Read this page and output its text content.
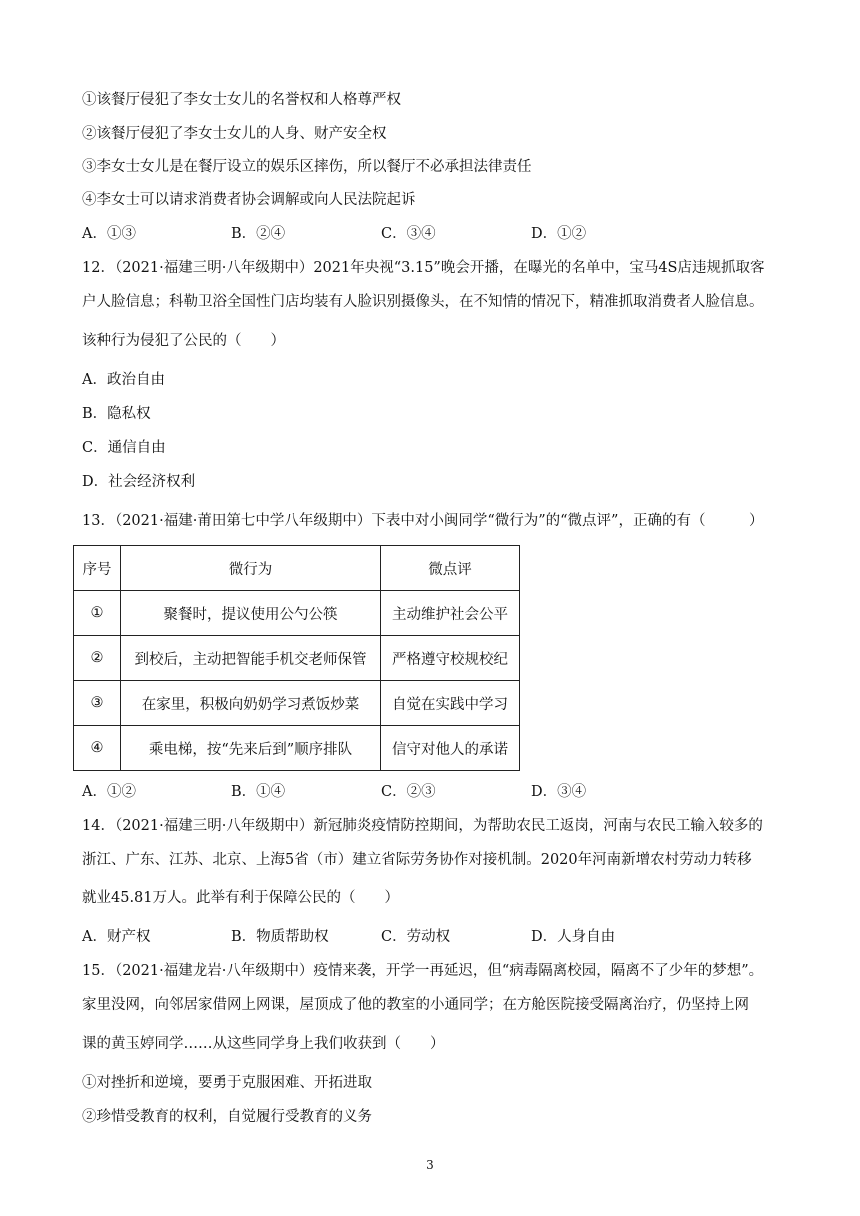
①该餐厅侵犯了李女士女儿的名誉权和人格尊严权
②该餐厅侵犯了李女士女儿的人身、财产安全权
③李女士女儿是在餐厅设立的娱乐区摔伤，所以餐厅不必承担法律责任
④李女士可以请求消费者协会调解或向人民法院起诉
A．①③	B．②④	C．③④	D．①②
12．（2021·福建三明·八年级期中）2021年央视“3.15”晚会开播，在曝光的名单中，宝马4S店违规抓取客
户人脸信息；科勒卫浴全国性门店均装有人脸识别摄像头，在不知情的情况下，精准抓取消费者人脸信息。
该种行为侵犯了公民的（　　）
A．政治自由
B．隐私权
C．通信自由
D．社会经济权利
13．（2021·福建·莆田第七中学八年级期中）下表中对小闽同学“微行为”的“微点评”，正确的有（　　　）
序号	微行为	微点评
①	聚餐时，提议使用公勺公筷	主动维护社会公平
②	到校后，主动把智能手机交老师保管	严格遵守校规校纪
③	在家里，积极向奶奶学习煮饭炒菜	自觉在实践中学习
④	乘电梯，按“先来后到”顺序排队	信守对他人的承诺
A．①②	B．①④	C．②③	D．③④
14．（2021·福建三明·八年级期中）新冠肺炎疫情防控期间，为帮助农民工返岗，河南与农民工输入较多的
浙江、广东、江苏、北京、上海5省（市）建立省际劳务协作对接机制。2020年河南新增农村劳动力转移
就业45.81万人。此举有利于保障公民的（　　）
A．财产权	B．物质帮助权	C．劳动权	D．人身自由
15．（2021·福建龙岩·八年级期中）疫情来袭，开学一再延迟，但“病毒隔离校园，隔离不了少年的梦想”。
家里没网，向邻居家借网上网课，屋顶成了他的教室的小通同学；在方舱医院接受隔离治疗，仍坚持上网
课的黄玉婷同学……从这些同学身上我们收获到（　　）
①对挫折和逆境，要勇于克服困难、开拓进取
②珍惜受教育的权利，自觉履行受教育的义务
3
